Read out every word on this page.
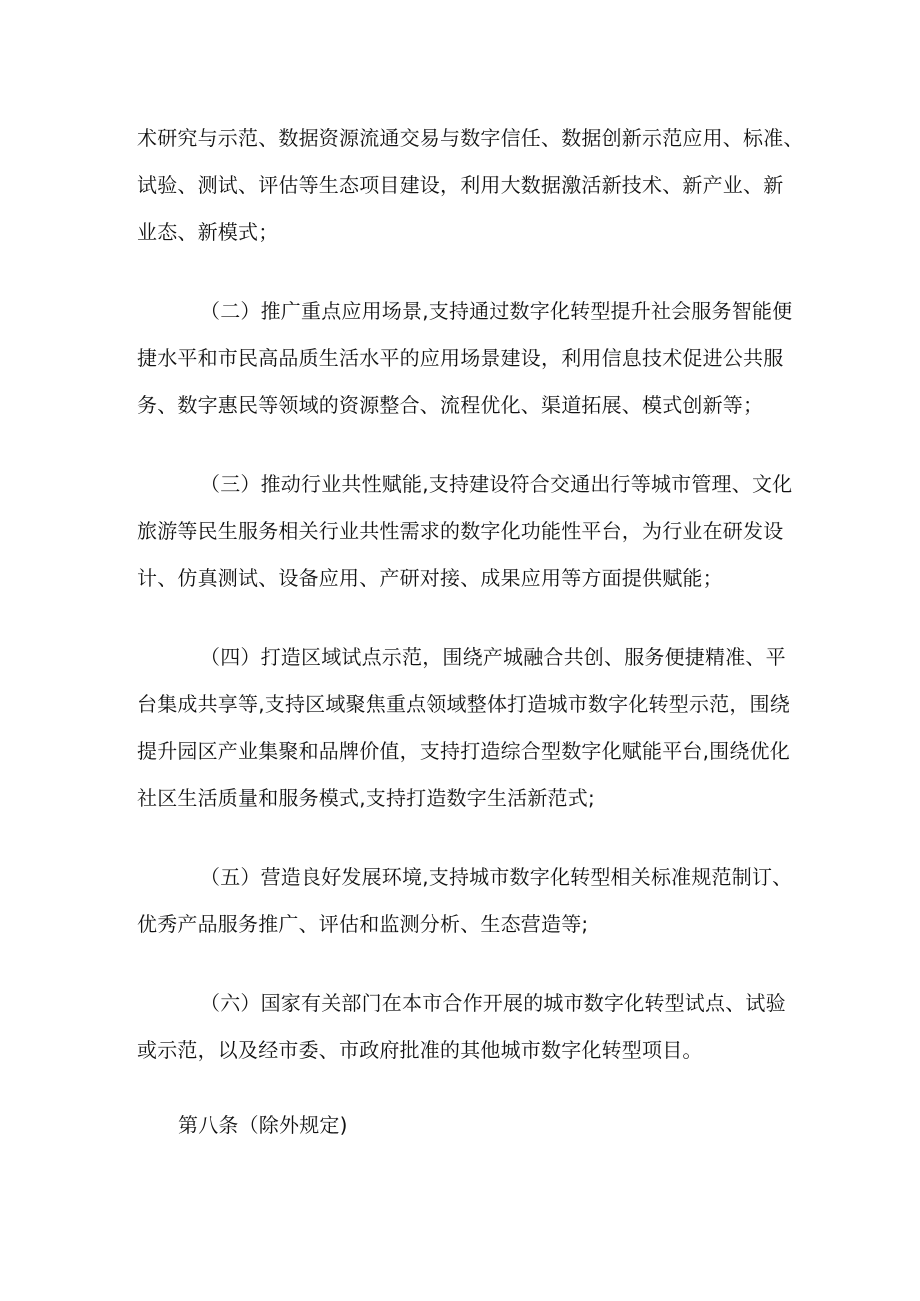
术研究与示范、数据资源流通交易与数字信任、数据创新示范应用、标准、
试验、测试、评估等生态项目建设，利用大数据激活新技术、新产业、新
业态、新模式；
（二）推广重点应用场景,支持通过数字化转型提升社会服务智能便
捷水平和市民高品质生活水平的应用场景建设，利用信息技术促进公共服
务、数字惠民等领域的资源整合、流程优化、渠道拓展、模式创新等；
（三）推动行业共性赋能,支持建设符合交通出行等城市管理、文化
旅游等民生服务相关行业共性需求的数字化功能性平台，为行业在研发设
计、仿真测试、设备应用、产研对接、成果应用等方面提供赋能；
（四）打造区域试点示范，围绕产城融合共创、服务便捷精准、平
台集成共享等,支持区域聚焦重点领域整体打造城市数字化转型示范，围绕
提升园区产业集聚和品牌价值，支持打造综合型数字化赋能平台,围绕优化
社区生活质量和服务模式,支持打造数字生活新范式;
（五）营造良好发展环境,支持城市数字化转型相关标准规范制订、
优秀产品服务推广、评估和监测分析、生态营造等;
（六）国家有关部门在本市合作开展的城市数字化转型试点、试验
或示范，以及经市委、市政府批准的其他城市数字化转型项目。
第八条（除外规定)
